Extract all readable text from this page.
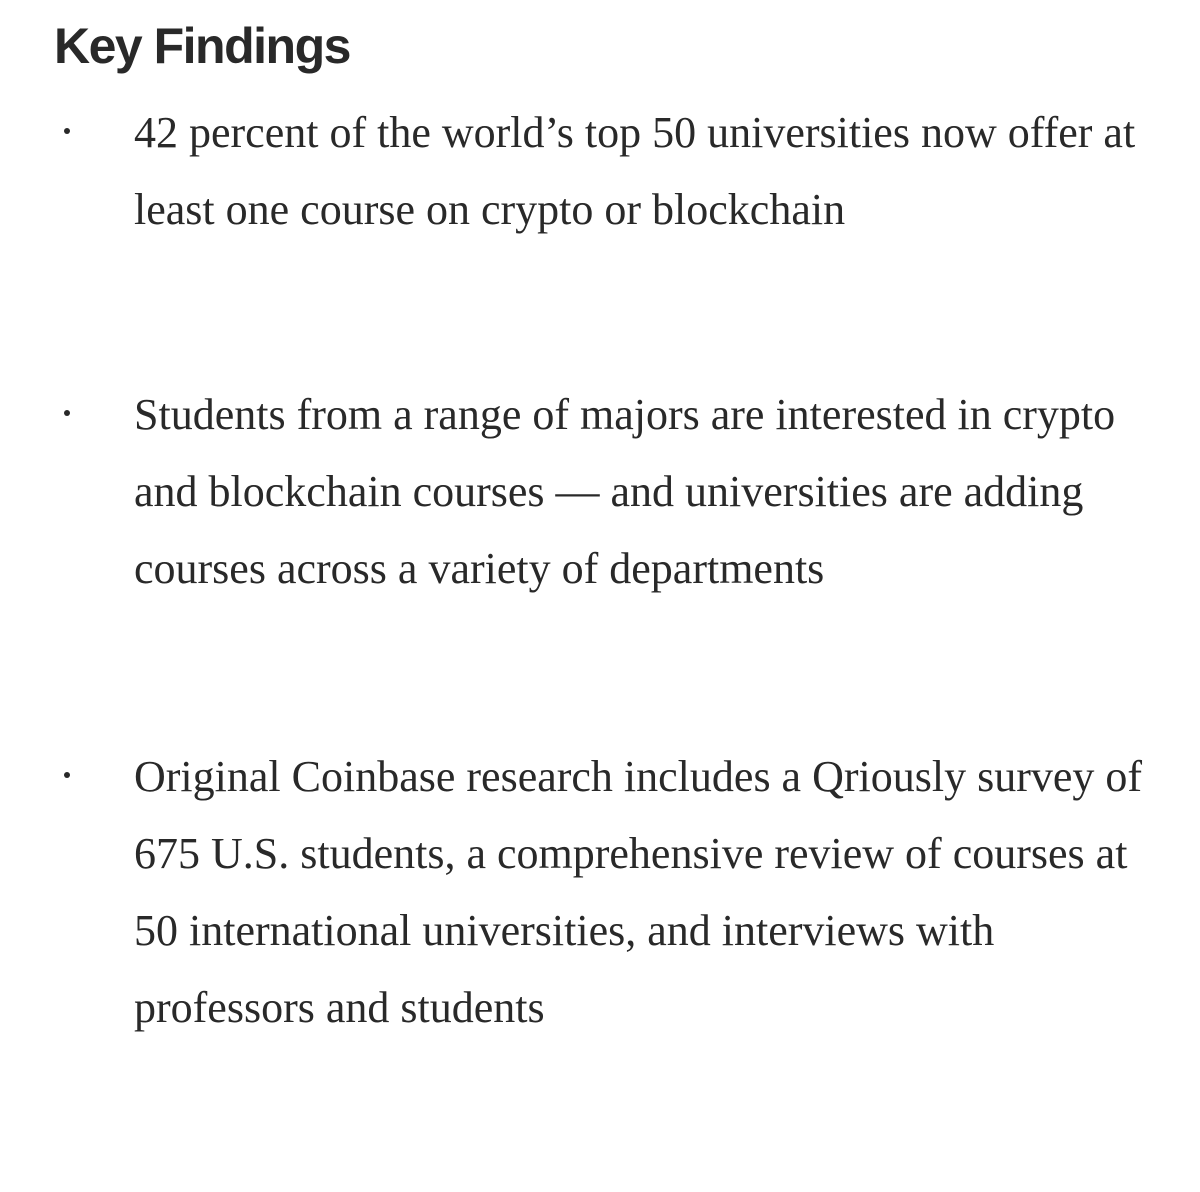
Key Findings

42 percent of the world’s top 50 universities now offer at least one course on crypto or blockchain

Students from a range of majors are interested in crypto and blockchain courses — and universities are adding courses across a variety of departments

Original Coinbase research includes a Qriously survey of 675 U.S. students, a comprehensive review of courses at 50 international universities, and interviews with professors and students
